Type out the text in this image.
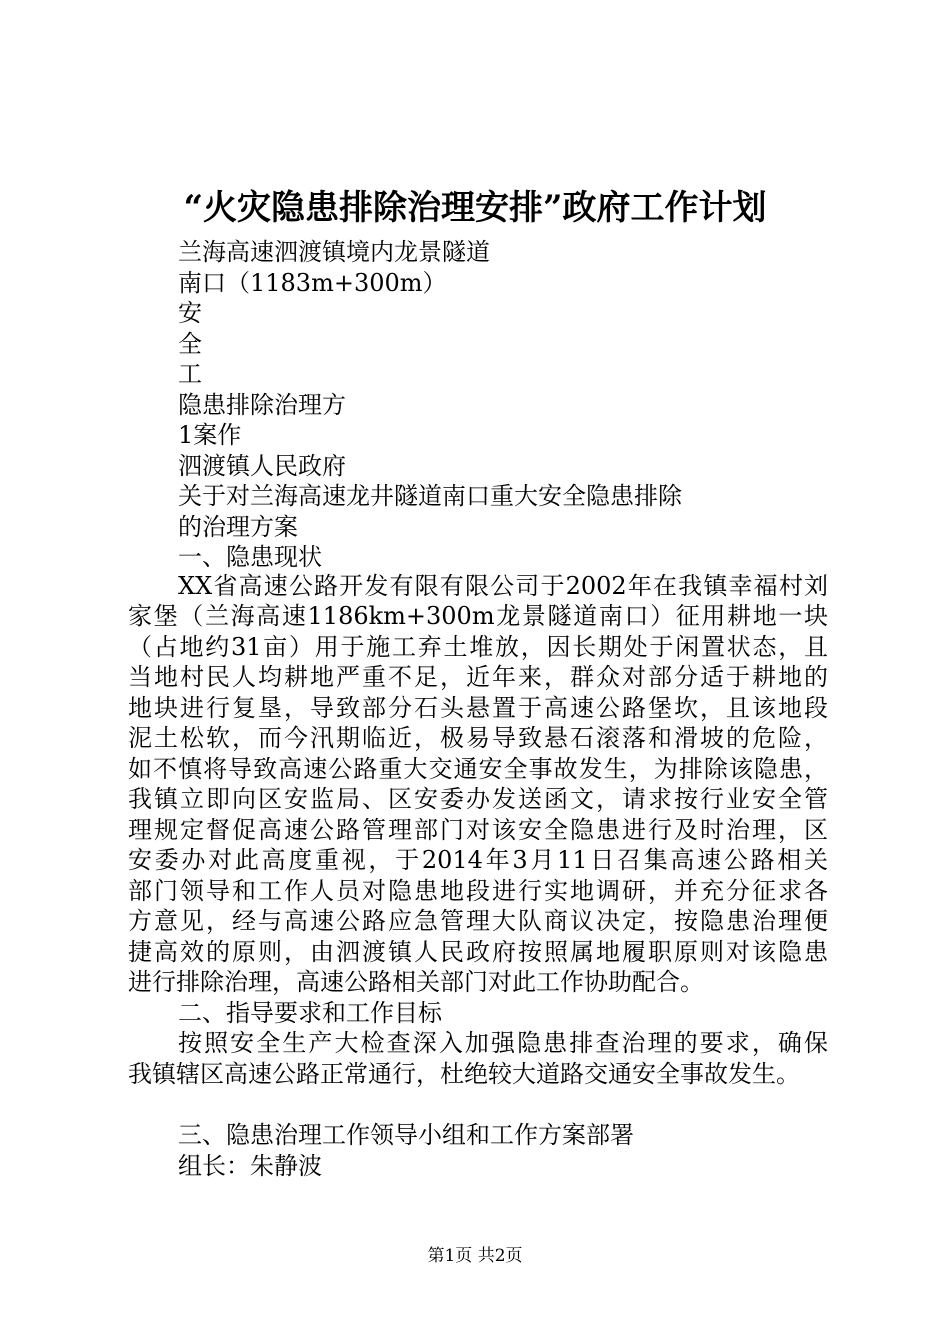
“火灾隐患排除治理安排”政府工作计划
兰海高速泗渡镇境内龙景隧道
南口（1183m+300m）
安
全
工
隐患排除治理方
1案作
泗渡镇人民政府
关于对兰海高速龙井隧道南口重大安全隐患排除
的治理方案
一、隐患现状
XX省高速公路开发有限有限公司于2002年在我镇幸福村刘
家堡（兰海高速1186km+300m龙景隧道南口）征用耕地一块
（占地约31亩）用于施工弃土堆放，因长期处于闲置状态，且
当地村民人均耕地严重不足，近年来，群众对部分适于耕地的
地块进行复垦，导致部分石头悬置于高速公路堡坎，且该地段
泥土松软，而今汛期临近，极易导致悬石滚落和滑坡的危险，
如不慎将导致高速公路重大交通安全事故发生，为排除该隐患，
我镇立即向区安监局、区安委办发送函文，请求按行业安全管
理规定督促高速公路管理部门对该安全隐患进行及时治理，区
安委办对此高度重视，于2014年3月11日召集高速公路相关
部门领导和工作人员对隐患地段进行实地调研，并充分征求各
方意见，经与高速公路应急管理大队商议决定，按隐患治理便
捷高效的原则，由泗渡镇人民政府按照属地履职原则对该隐患
进行排除治理，高速公路相关部门对此工作协助配合。
二、指导要求和工作目标
按照安全生产大检查深入加强隐患排查治理的要求，确保
我镇辖区高速公路正常通行，杜绝较大道路交通安全事故发生。
三、隐患治理工作领导小组和工作方案部署
组长：朱静波
第1页 共2页
